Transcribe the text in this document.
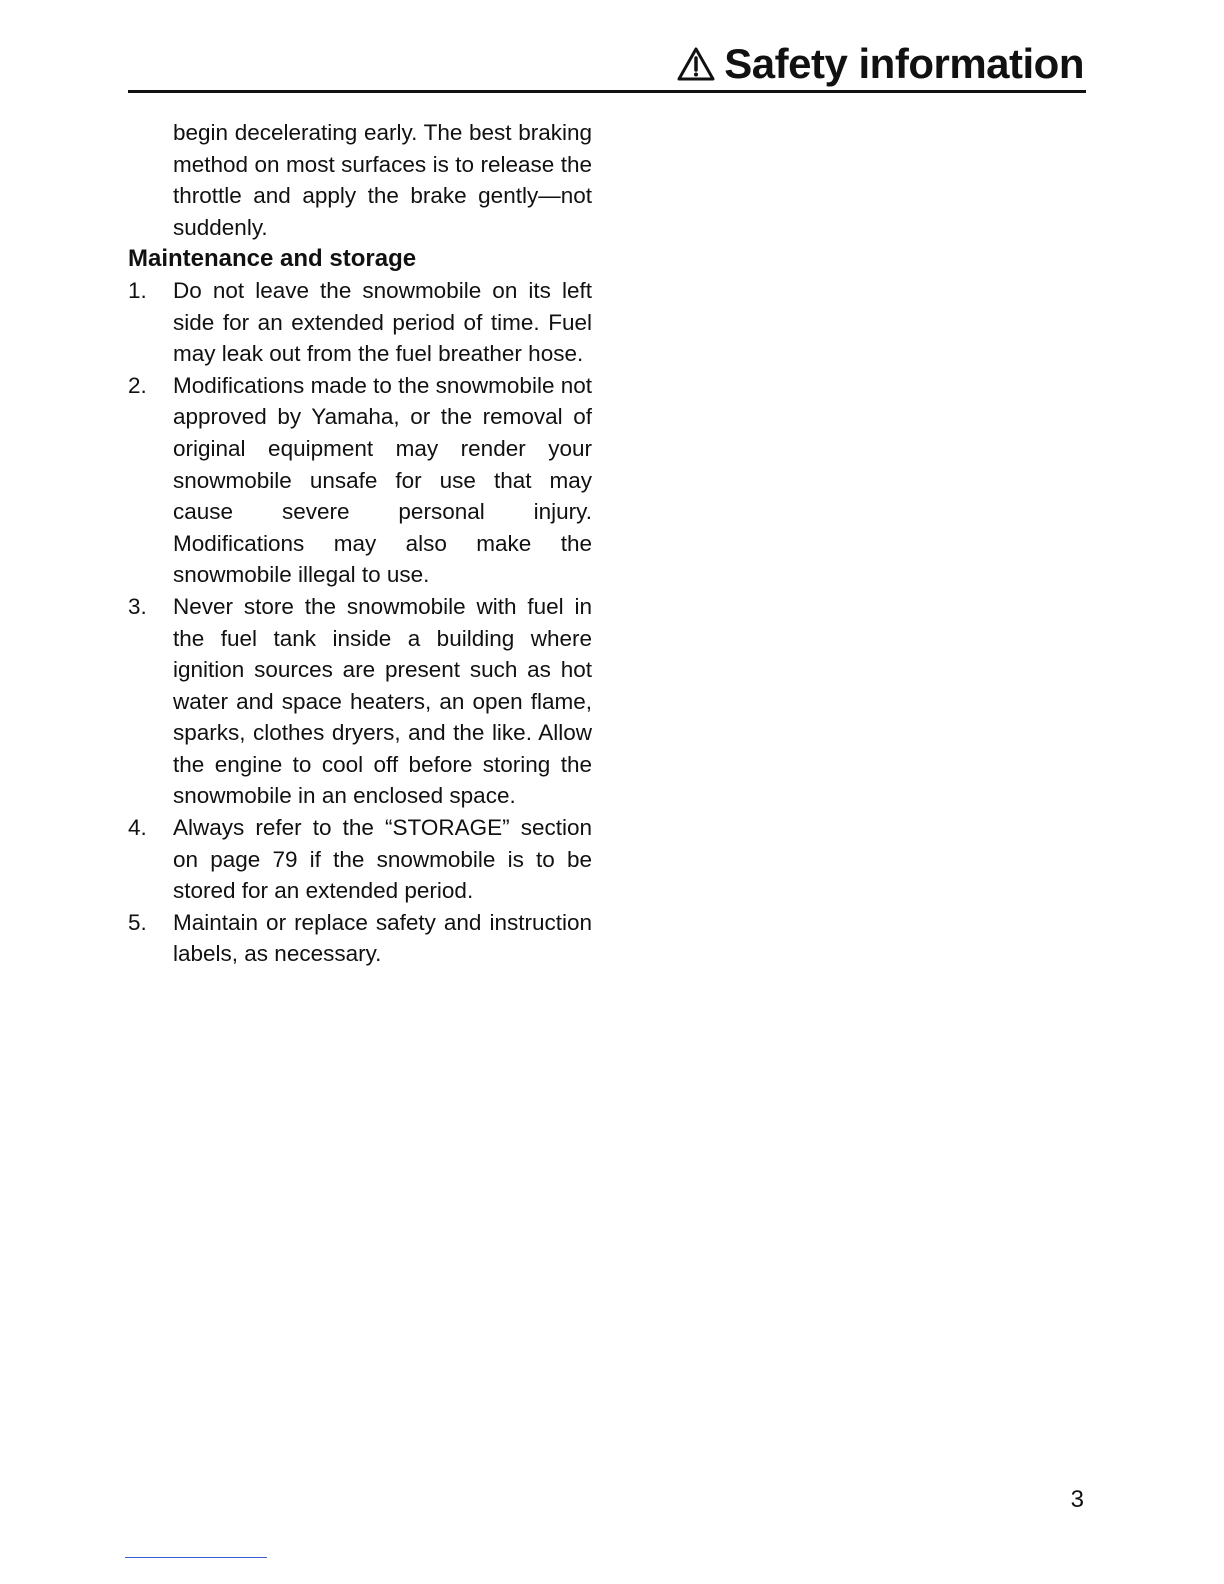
Safety information

begin decelerating early. The best braking method on most surfaces is to release the throttle and apply the brake gently—not suddenly.

Maintenance and storage
1. Do not leave the snowmobile on its left side for an extended period of time. Fuel may leak out from the fuel breather hose.
2. Modifications made to the snowmobile not approved by Yamaha, or the removal of original equipment may render your snowmobile unsafe for use that may cause severe personal injury. Modifications may also make the snowmobile illegal to use.
3. Never store the snowmobile with fuel in the fuel tank inside a building where ignition sources are present such as hot water and space heaters, an open flame, sparks, clothes dryers, and the like. Allow the engine to cool off before storing the snowmobile in an enclosed space.
4. Always refer to the “STORAGE” section on page 79 if the snowmobile is to be stored for an extended period.
5. Maintain or replace safety and instruction labels, as necessary.
3
